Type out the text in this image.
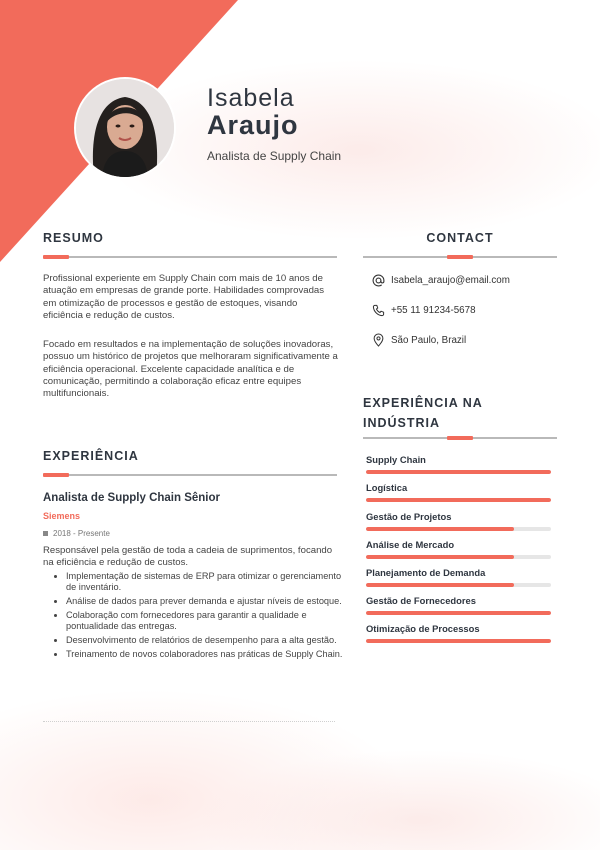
Isabela
Araujo
Analista de Supply Chain
RESUMO
Profissional experiente em Supply Chain com mais de 10 anos de atuação em empresas de grande porte. Habilidades comprovadas em otimização de processos e gestão de estoques, visando eficiência e redução de custos.
Focado em resultados e na implementação de soluções inovadoras, possuo um histórico de projetos que melhoraram significativamente a eficiência operacional. Excelente capacidade analítica e de comunicação, permitindo a colaboração eficaz entre equipes multifuncionais.
CONTACT
Isabela_araujo@email.com
+55 11 91234-5678
São Paulo, Brazil
EXPERIÊNCIA NA
INDÚSTRIA
Supply Chain
Logística
Gestão de Projetos
Análise de Mercado
Planejamento de Demanda
Gestão de Fornecedores
Otimização de Processos
EXPERIÊNCIA
Analista de Supply Chain Sênior
Siemens
2018 - Presente
Responsável pela gestão de toda a cadeia de suprimentos, focando na eficiência e redução de custos.
• Implementação de sistemas de ERP para otimizar o gerenciamento de inventário.
• Análise de dados para prever demanda e ajustar níveis de estoque.
• Colaboração com fornecedores para garantir a qualidade e pontualidade das entregas.
• Desenvolvimento de relatórios de desempenho para a alta gestão.
• Treinamento de novos colaboradores nas práticas de Supply Chain.
